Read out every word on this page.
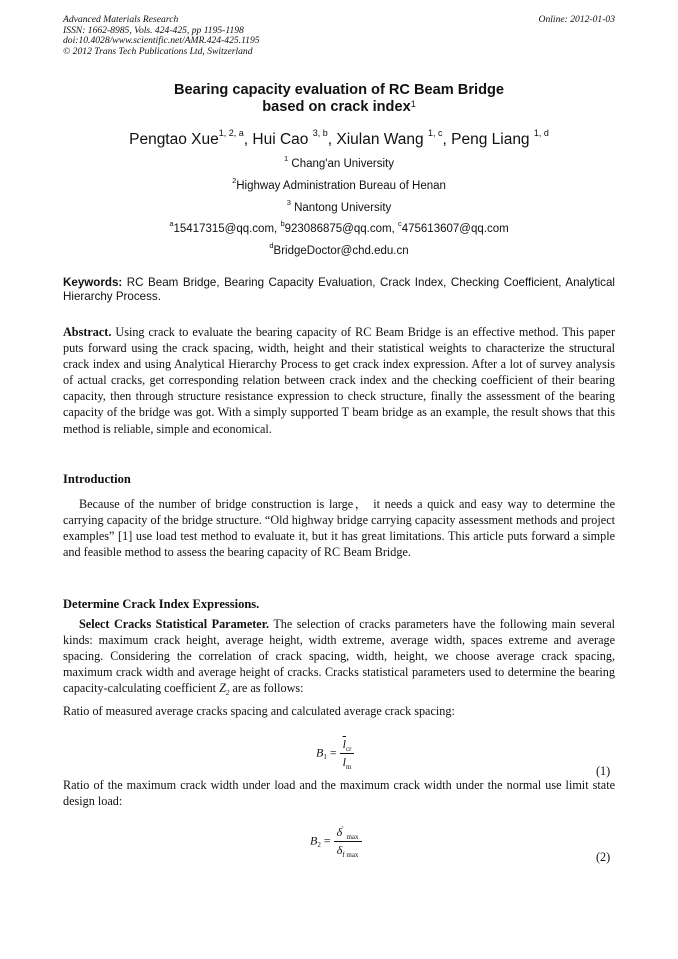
Advanced Materials Research
ISSN: 1662-8985, Vols. 424-425, pp 1195-1198
doi:10.4028/www.scientific.net/AMR.424-425.1195
© 2012 Trans Tech Publications Ltd, Switzerland
Online: 2012-01-03
Bearing capacity evaluation of RC Beam Bridge
based on crack index$^1$
Pengtao Xue$^{1, 2, a}$, Hui Cao $^{3, b}$, Xiulan Wang $^{1, c}$, Peng Liang $^{1, d}$
$^1$ Chang'an University
$^2$Highway Administration Bureau of Henan
$^3$ Nantong University
$^a$15417315@qq.com, $^b$923086875@qq.com, $^c$475613607@qq.com
$^d$BridgeDoctor@chd.edu.cn
Keywords: RC Beam Bridge, Bearing Capacity Evaluation, Crack Index, Checking Coefficient, Analytical Hierarchy Process.
Abstract. Using crack to evaluate the bearing capacity of RC Beam Bridge is an effective method. This paper puts forward using the crack spacing, width, height and their statistical weights to characterize the structural crack index and using Analytical Hierarchy Process to get crack index expression. After a lot of survey analysis of actual cracks, get corresponding relation between crack index and the checking coefficient of their bearing capacity, then through structure resistance expression to check structure, finally the assessment of the bearing capacity of the bridge was got. With a simply supported T beam bridge as an example, the result shows that this method is reliable, simple and economical.
Introduction
Because of the number of bridge construction is large， it needs a quick and easy way to determine the carrying capacity of the bridge structure. “Old highway bridge carrying capacity assessment methods and project examples” [1] use load test method to evaluate it, but it has great limitations. This article puts forward a simple and feasible method to assess the bearing capacity of RC Beam Bridge.
Determine Crack Index Expressions.
Select Cracks Statistical Parameter. The selection of cracks parameters have the following main several kinds: maximum crack height, average height, width extreme, average width, spaces extreme and average spacing. Considering the correlation of crack spacing, width, height, we choose average crack spacing, maximum crack width and average height of cracks. Cracks statistical parameters used to determine the bearing capacity-calculating coefficient $Z_2$ are as follows:
Ratio of measured average cracks spacing and calculated average crack spacing:
$B_1 = \frac{\overline{l}_{cr}}{l_m}$
(1)
Ratio of the maximum crack width under load and the maximum crack width under the normal use limit state design load:
$B_2 = \frac{\delta' _{max}}{\delta_{f max}}$	(2)
